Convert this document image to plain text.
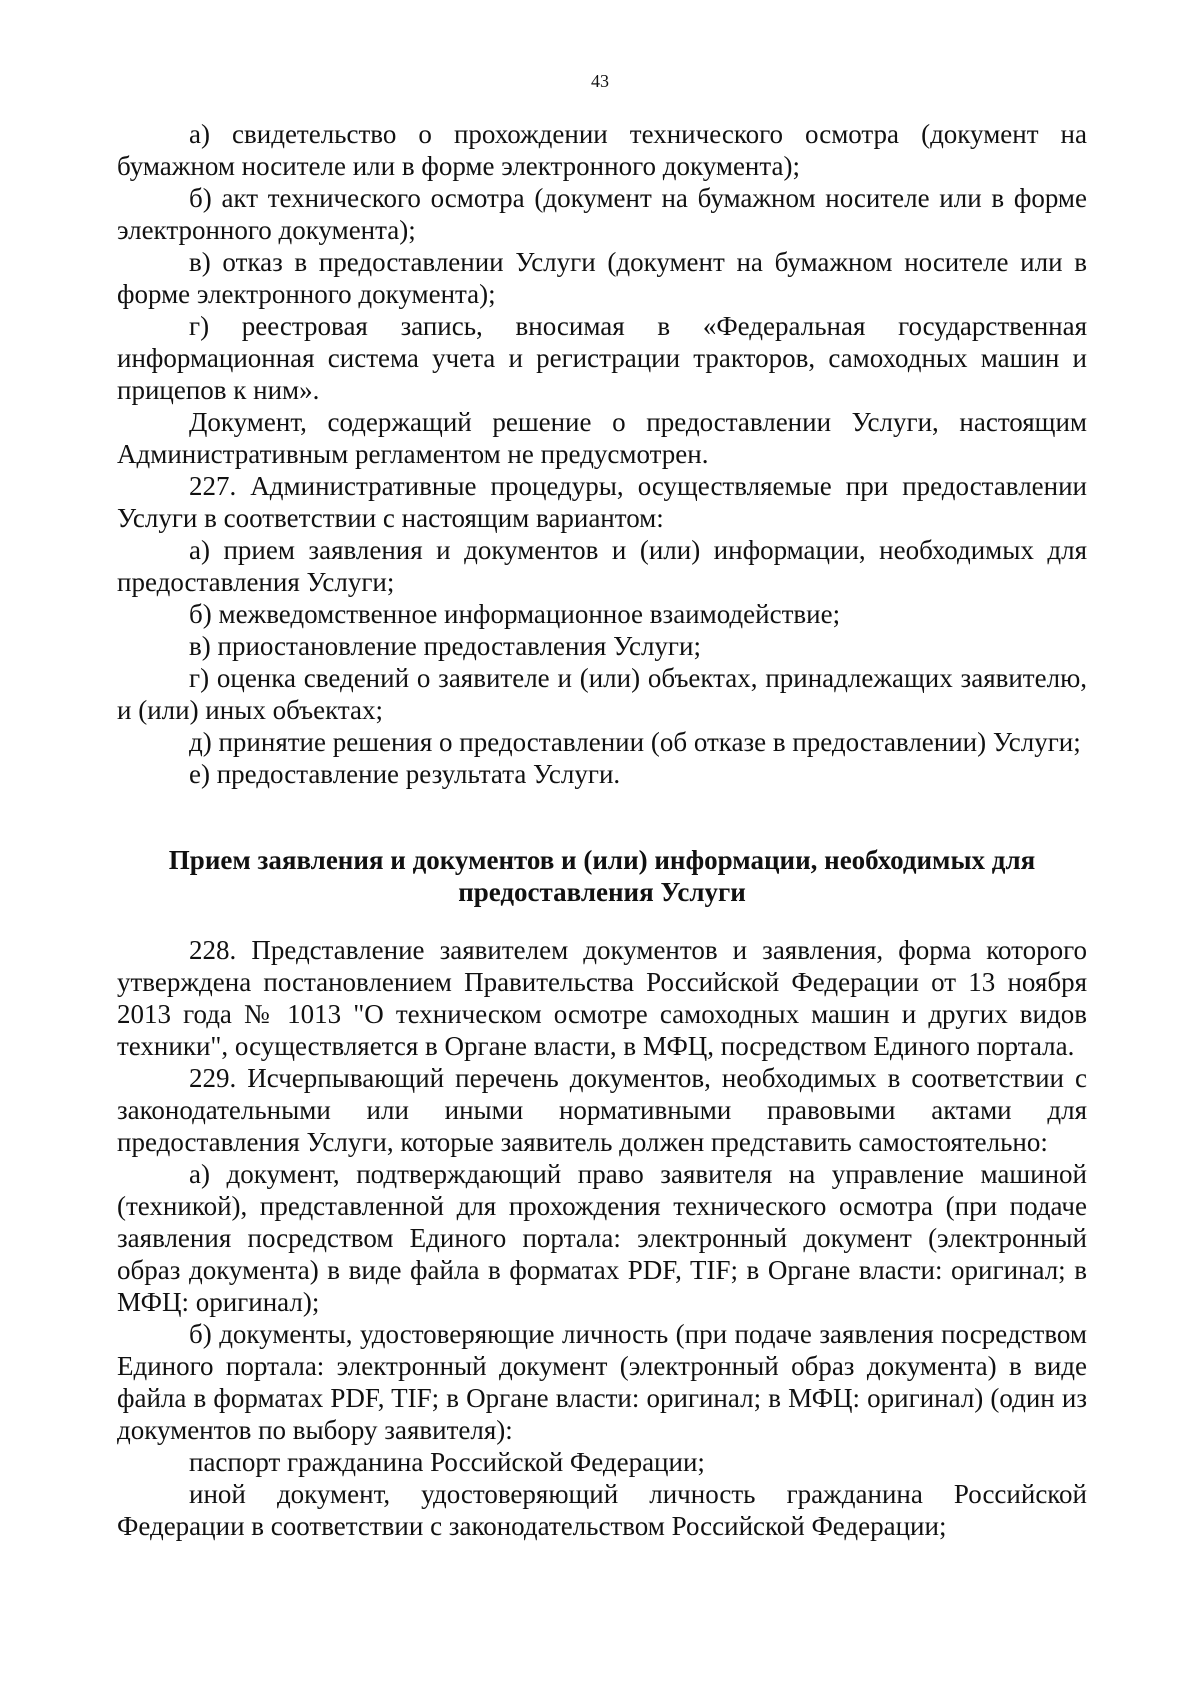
43

а) свидетельство о прохождении технического осмотра (документ на бумажном носителе или в форме электронного документа);

б) акт технического осмотра (документ на бумажном носителе или в форме электронного документа);

в) отказ в предоставлении Услуги (документ на бумажном носителе или в форме электронного документа);

г) реестровая запись, вносимая в «Федеральная государственная информационная система учета и регистрации тракторов, самоходных машин и прицепов к ним».

Документ, содержащий решение о предоставлении Услуги, настоящим Административным регламентом не предусмотрен.

227. Административные процедуры, осуществляемые при предоставлении Услуги в соответствии с настоящим вариантом:

а) прием заявления и документов и (или) информации, необходимых для предоставления Услуги;

б) межведомственное информационное взаимодействие;

в) приостановление предоставления Услуги;

г) оценка сведений о заявителе и (или) объектах, принадлежащих заявителю, и (или) иных объектах;

д) принятие решения о предоставлении (об отказе в предоставлении) Услуги;

е) предоставление результата Услуги.

Прием заявления и документов и (или) информации, необходимых для
предоставления Услуги

228. Представление заявителем документов и заявления, форма которого утверждена постановлением Правительства Российской Федерации от 13 ноября 2013 года № 1013 "О техническом осмотре самоходных машин и других видов техники", осуществляется в Органе власти, в МФЦ, посредством Единого портала.

229. Исчерпывающий перечень документов, необходимых в соответствии с законодательными или иными нормативными правовыми актами для предоставления Услуги, которые заявитель должен представить самостоятельно:

а) документ, подтверждающий право заявителя на управление машиной (техникой), представленной для прохождения технического осмотра (при подаче заявления посредством Единого портала: электронный документ (электронный образ документа) в виде файла в форматах PDF, TIF; в Органе власти: оригинал; в МФЦ: оригинал);

б) документы, удостоверяющие личность (при подаче заявления посредством Единого портала: электронный документ (электронный образ документа) в виде файла в форматах PDF, TIF; в Органе власти: оригинал; в МФЦ: оригинал) (один из документов по выбору заявителя):

паспорт гражданина Российской Федерации;

иной документ, удостоверяющий личность гражданина Российской Федерации в соответствии с законодательством Российской Федерации;
